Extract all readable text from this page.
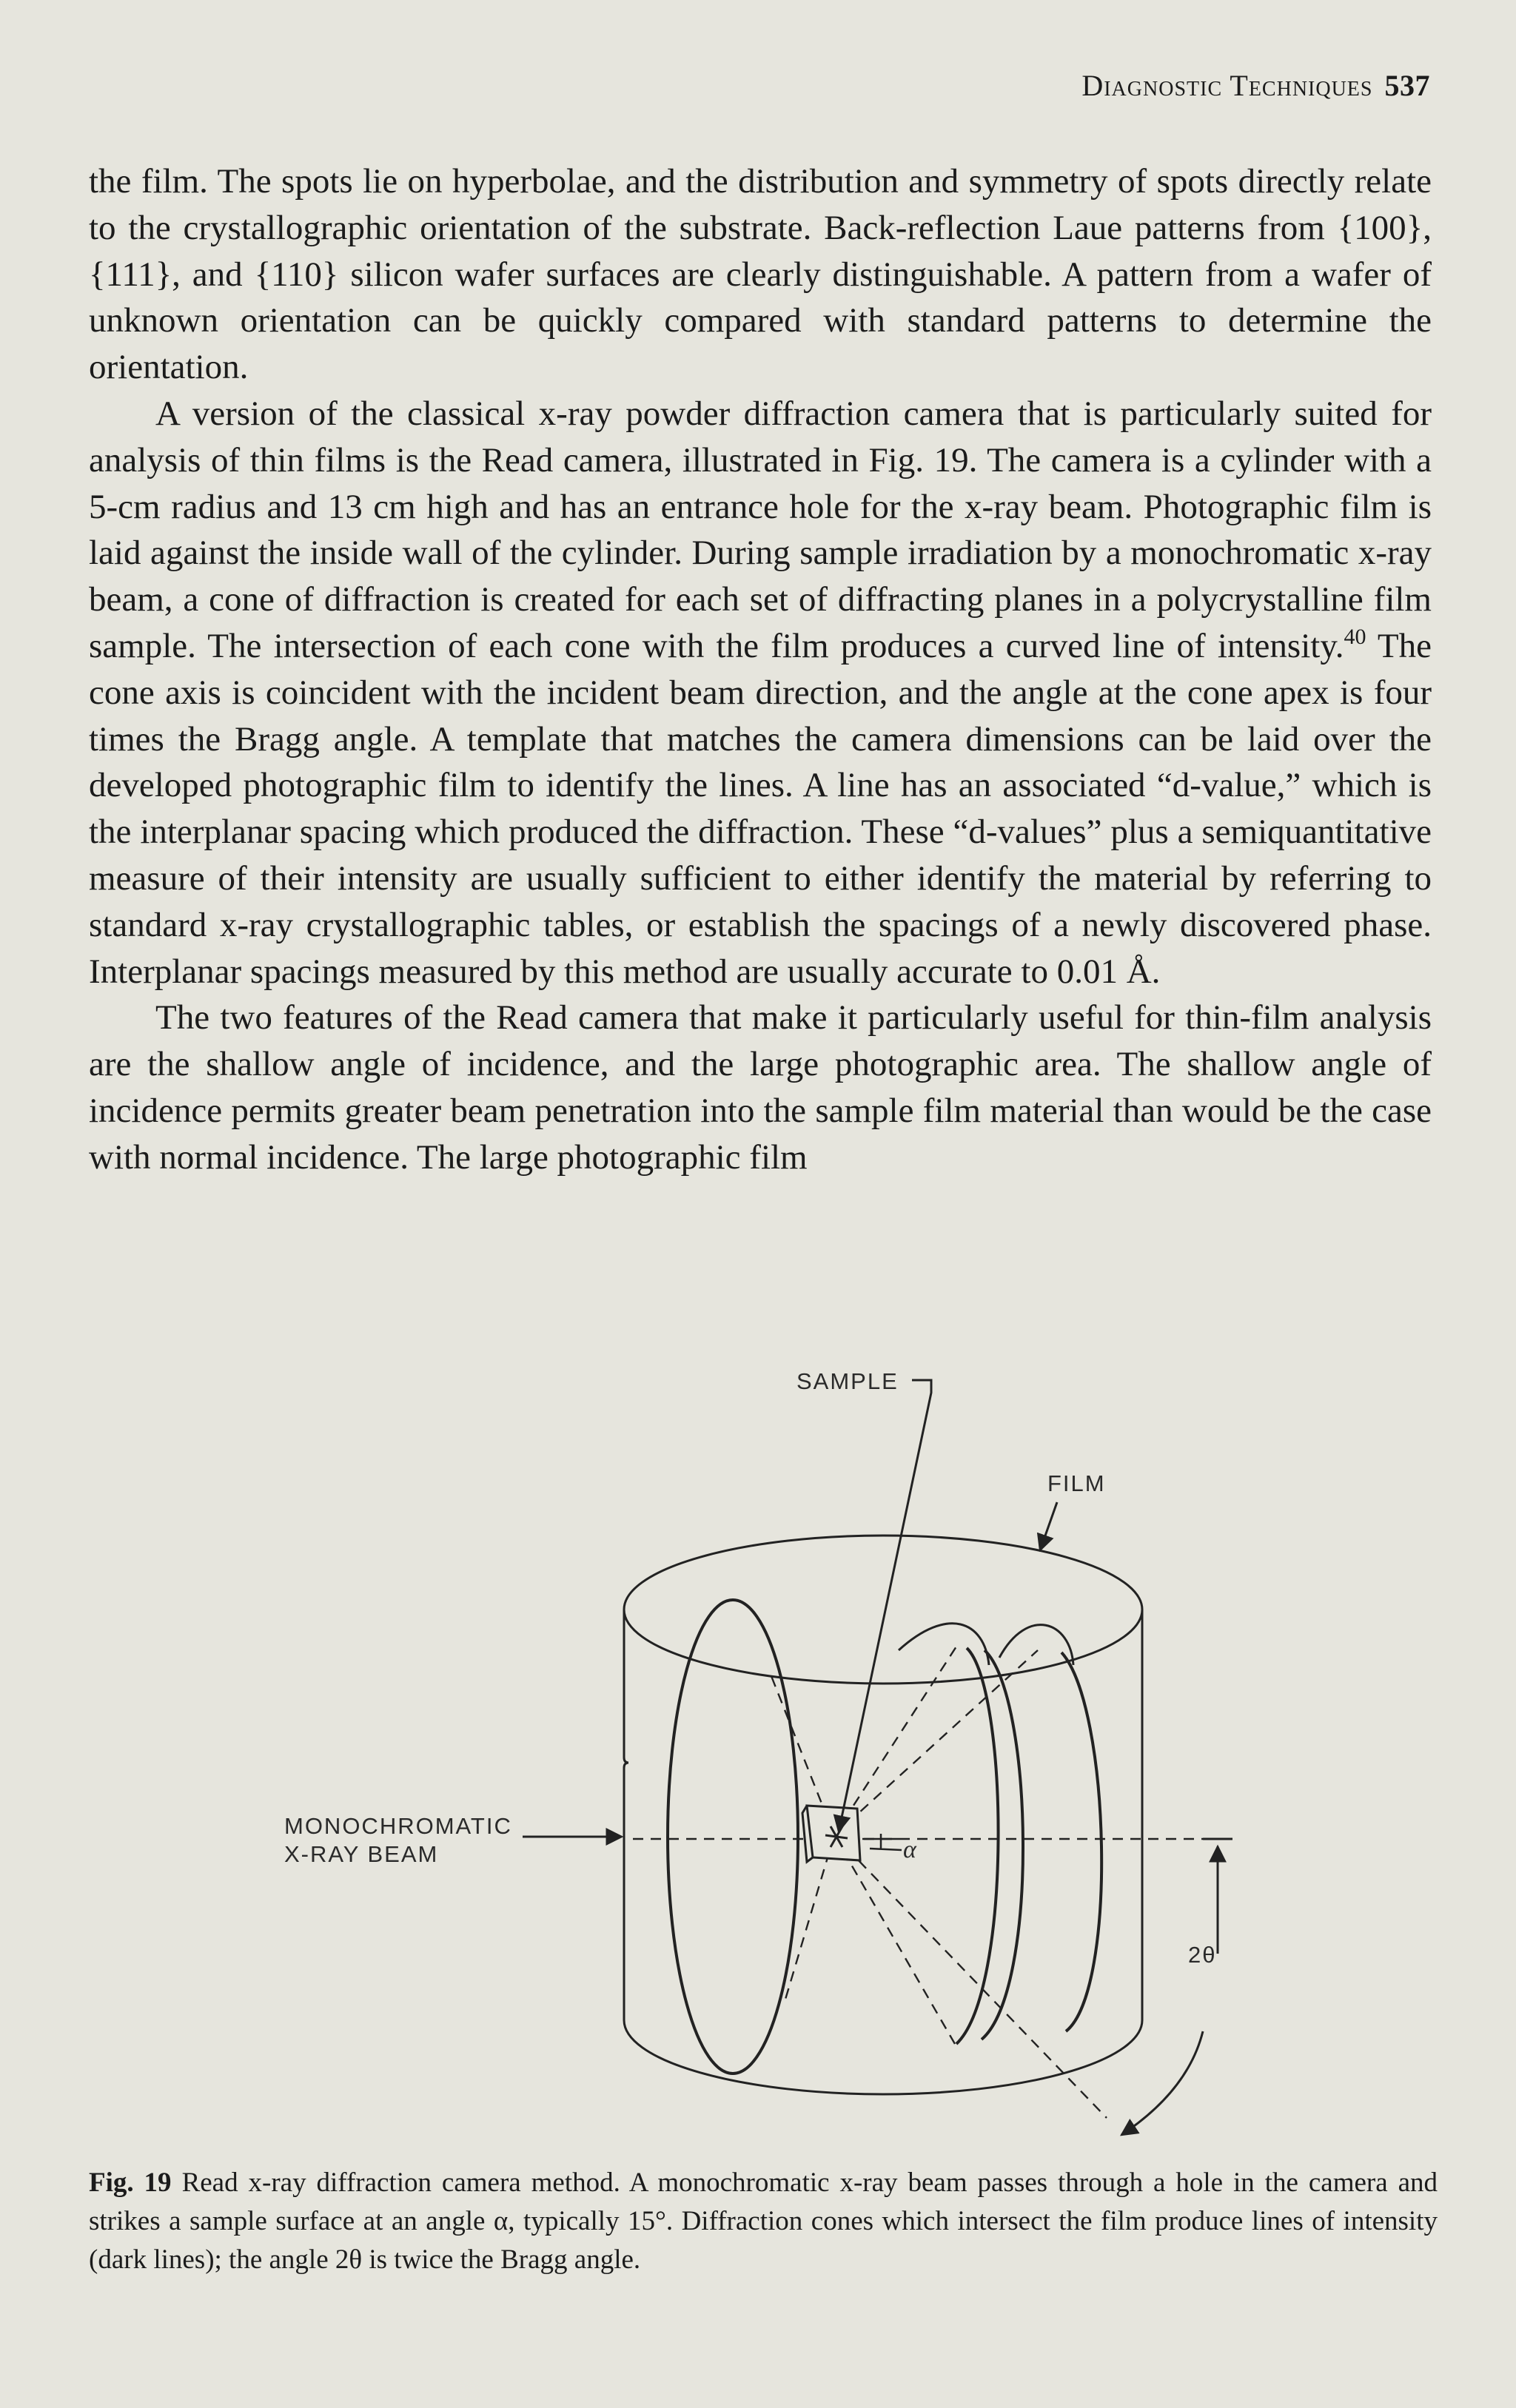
Diagnostic Techniques 537

the film. The spots lie on hyperbolae, and the distribution and symmetry of spots directly relate to the crystallographic orientation of the substrate. Back-reflection Laue patterns from {100}, {111}, and {110} silicon wafer surfaces are clearly distinguishable. A pattern from a wafer of unknown orientation can be quickly compared with standard patterns to determine the orientation.

A version of the classical x-ray powder diffraction camera that is particularly suited for analysis of thin films is the Read camera, illustrated in Fig. 19. The camera is a cylinder with a 5-cm radius and 13 cm high and has an entrance hole for the x-ray beam. Photographic film is laid against the inside wall of the cylinder. During sample irradiation by a monochromatic x-ray beam, a cone of diffraction is created for each set of diffracting planes in a polycrystalline film sample. The intersection of each cone with the film produces a curved line of intensity.$^{40}$ The cone axis is coincident with the incident beam direction, and the angle at the cone apex is four times the Bragg angle. A template that matches the camera dimensions can be laid over the developed photographic film to identify the lines. A line has an associated “d-value,” which is the interplanar spacing which produced the diffraction. These “d-values” plus a semiquantitative measure of their intensity are usually sufficient to either identify the material by referring to standard x-ray crystallographic tables, or establish the spacings of a newly discovered phase. Interplanar spacings measured by this method are usually accurate to 0.01 Å.

The two features of the Read camera that make it particularly useful for thin-film analysis are the shallow angle of incidence, and the large photographic area. The shallow angle of incidence permits greater beam penetration into the sample film material than would be the case with normal incidence. The large photographic film

SAMPLE
FILM
MONOCHROMATIC
X-RAY BEAM	α
2θ

Fig. 19 Read x-ray diffraction camera method. A monochromatic x-ray beam passes through a hole in the camera and strikes a sample surface at an angle α, typically 15°. Diffraction cones which intersect the film produce lines of intensity (dark lines); the angle 2θ is twice the Bragg angle.
